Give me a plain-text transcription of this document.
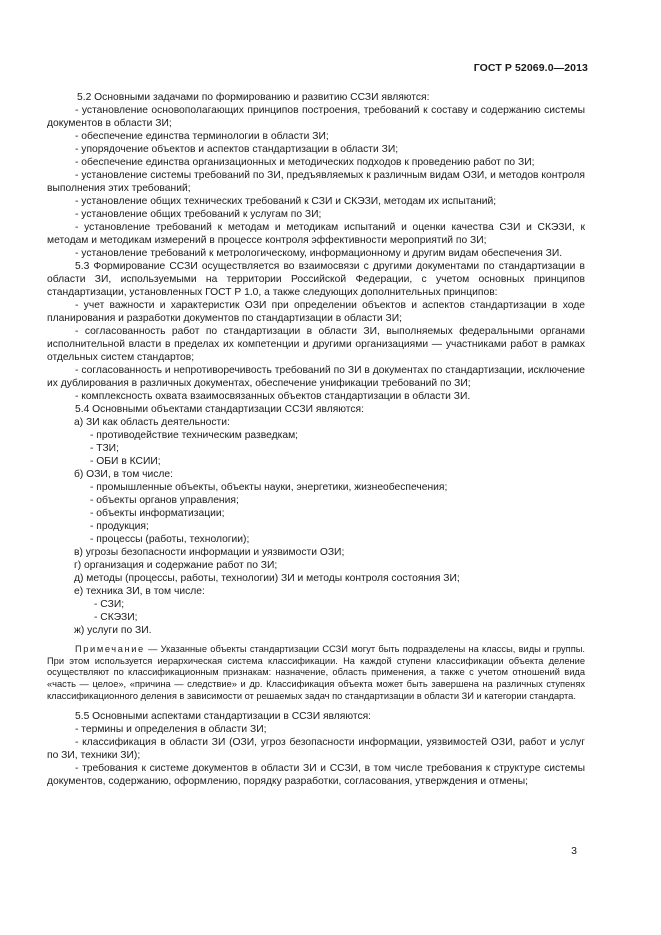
ГОСТ Р 52069.0—2013

5.2 Основными задачами по формированию и развитию ССЗИ являются:

- установление основополагающих принципов построения, требований к составу и содержанию системы документов в области ЗИ;

- обеспечение единства терминологии в области ЗИ;

- упорядочение объектов и аспектов стандартизации в области ЗИ;

- обеспечение единства организационных и методических подходов к проведению работ по ЗИ;

- установление системы требований по ЗИ, предъявляемых к различным видам ОЗИ, и методов контроля выполнения этих требований;

- установление общих технических требований к СЗИ и СКЭЗИ, методам их испытаний;

- установление общих требований к услугам по ЗИ;

- установление требований к методам и методикам испытаний и оценки качества СЗИ и СКЭЗИ, к методам и методикам измерений в процессе контроля эффективности мероприятий по ЗИ;

- установление требований к метрологическому, информационному и другим видам обеспечения ЗИ.

5.3 Формирование ССЗИ осуществляется во взаимосвязи с другими документами по стандартизации в области ЗИ, используемыми на территории Российской Федерации, с учетом основных принципов стандартизации, установленных ГОСТ Р 1.0, а также следующих дополнительных принципов:

- учет важности и характеристик ОЗИ при определении объектов и аспектов стандартизации в ходе планирования и разработки документов по стандартизации в области ЗИ;

- согласованность работ по стандартизации в области ЗИ, выполняемых федеральными органами исполнительной власти в пределах их компетенции и другими организациями — участниками работ в рамках отдельных систем стандартов;

- согласованность и непротиворечивость требований по ЗИ в документах по стандартизации, исключение их дублирования в различных документах, обеспечение унификации требований по ЗИ;

- комплексность охвата взаимосвязанных объектов стандартизации в области ЗИ.

5.4 Основными объектами стандартизации ССЗИ являются:

а) ЗИ как область деятельности:

- противодействие техническим разведкам;

- ТЗИ;

- ОБИ в КСИИ;

б) ОЗИ, в том числе:

- промышленные объекты, объекты науки, энергетики, жизнеобеспечения;

- объекты органов управления;

- объекты информатизации;

- продукция;

- процессы (работы, технологии);

в) угрозы безопасности информации и уязвимости ОЗИ;

г) организация и содержание работ по ЗИ;

д) методы (процессы, работы, технологии) ЗИ и методы контроля состояния ЗИ;

е) техника ЗИ, в том числе:

- СЗИ;

- СКЭЗИ;

ж) услуги по ЗИ.

Примечание — Указанные объекты стандартизации ССЗИ могут быть подразделены на классы, виды и группы. При этом используется иерархическая система классификации. На каждой ступени классификации объекта деление осуществляют по классификационным признакам: назначение, область применения, а также с учетом отношений вида «часть — целое», «причина — следствие» и др. Классификация объекта может быть завершена на различных ступенях классификационного деления в зависимости от решаемых задач по стандартизации в области ЗИ и категории стандарта.

5.5 Основными аспектами стандартизации в ССЗИ являются:

- термины и определения в области ЗИ;

- классификация в области ЗИ (ОЗИ, угроз безопасности информации, уязвимостей ОЗИ, работ и услуг по ЗИ, техники ЗИ);

- требования к системе документов в области ЗИ и ССЗИ, в том числе требования к структуре системы документов, содержанию, оформлению, порядку разработки, согласования, утверждения и отмены;

3
